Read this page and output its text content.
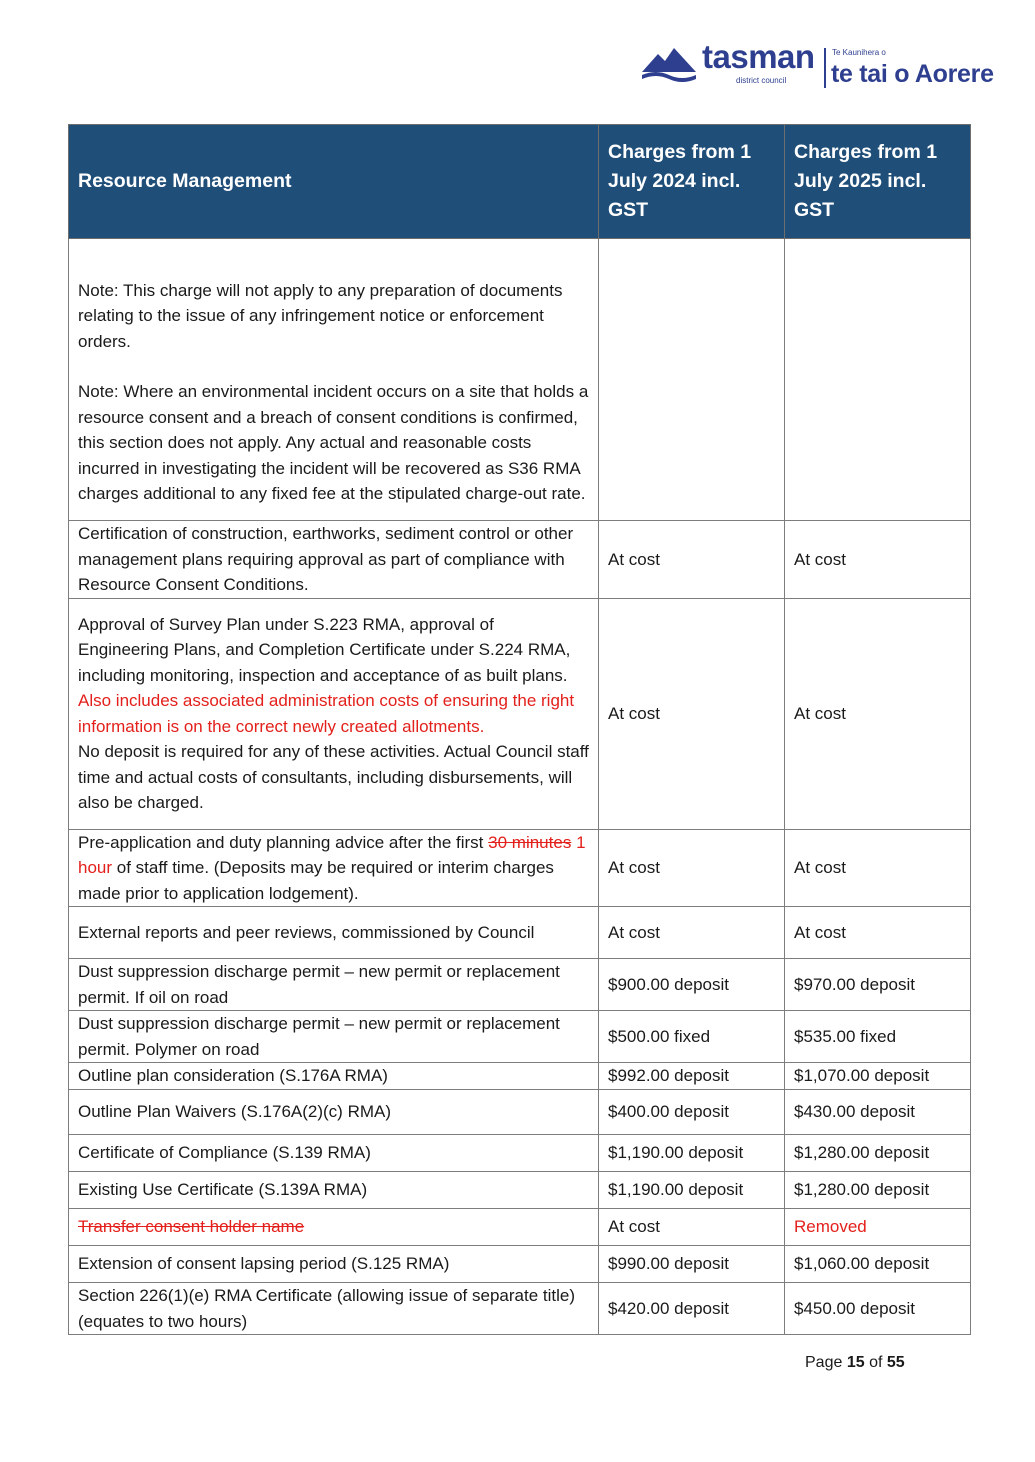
tasman
district council
Te Kaunihera o
te tai o Aorere
Resource Management	Charges from 1 July 2024 incl. GST	Charges from 1 July 2025 incl. GST

Note: This charge will not apply to any preparation of documents relating to the issue of any infringement notice or enforcement orders.

Note: Where an environmental incident occurs on a site that holds a resource consent and a breach of consent conditions is confirmed, this section does not apply. Any actual and reasonable costs incurred in investigating the incident will be recovered as S36 RMA charges additional to any fixed fee at the stipulated charge-out rate.		

Certification of construction, earthworks, sediment control or other management plans requiring approval as part of compliance with Resource Consent Conditions.	At cost	At cost
Approval of Survey Plan under S.223 RMA, approval of Engineering Plans, and Completion Certificate under S.224 RMA, including monitoring, inspection and acceptance of as built plans.  Also includes associated administration costs of ensuring the right information is on the correct newly created allotments.
No deposit is required for any of these activities. Actual Council staff time and actual costs of consultants, including disbursements, will also be charged.	At cost	At cost
Pre-application and duty planning advice after the first 30 minutes 1 hour of staff time. (Deposits may be required or interim charges made prior to application lodgement).	At cost	At cost
External reports and peer reviews, commissioned by Council	At cost	At cost
Dust suppression discharge permit – new permit or replacement permit. If oil on road	$900.00 deposit	$970.00 deposit
Dust suppression discharge permit – new permit or replacement permit. Polymer on road	$500.00 fixed	$535.00 fixed
Outline plan consideration (S.176A RMA)	$992.00 deposit	$1,070.00 deposit
Outline Plan Waivers (S.176A(2)(c) RMA)	$400.00 deposit	$430.00 deposit
Certificate of Compliance (S.139 RMA)	$1,190.00 deposit	$1,280.00 deposit
Existing Use Certificate (S.139A RMA)	$1,190.00 deposit	$1,280.00 deposit
Transfer consent holder name	At cost	Removed
Extension of consent lapsing period (S.125 RMA)	$990.00 deposit	$1,060.00 deposit
Section 226(1)(e) RMA Certificate (allowing issue of separate title) (equates to two hours)	$420.00 deposit	$450.00 deposit
Page 15 of 55
